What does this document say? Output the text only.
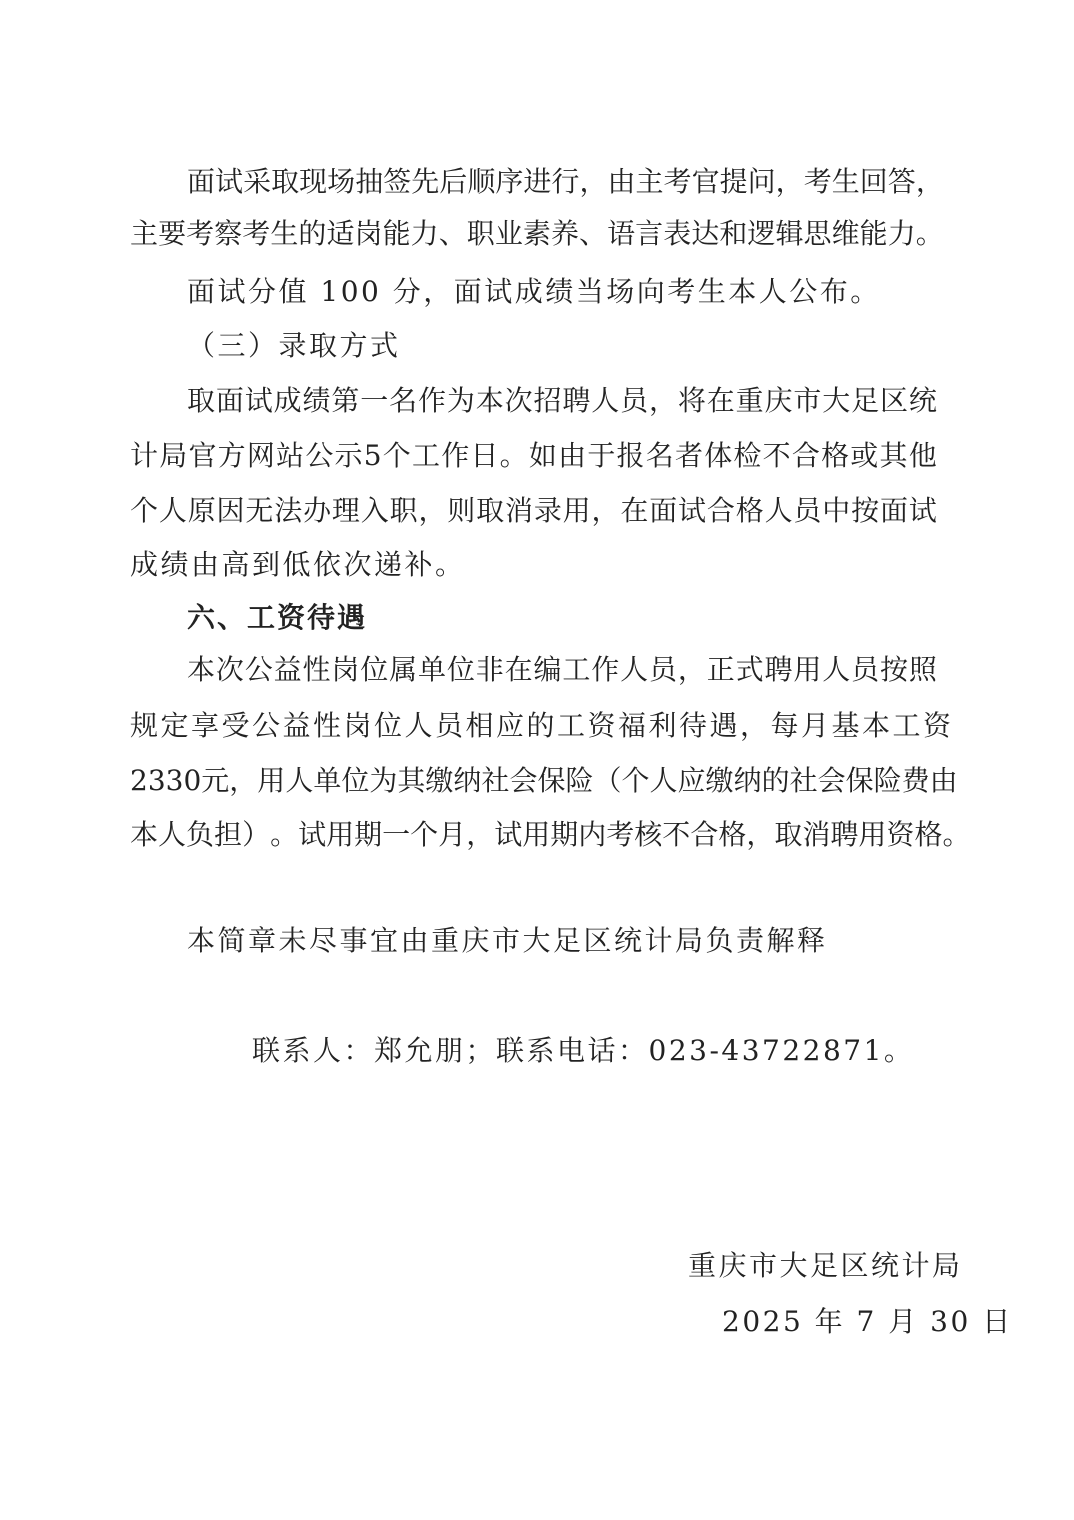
面 试 采 取 现 场 抽 签 先 后 顺 序 进 行 ， 由 主 考 官 提 问 ， 考 生 回 答 ，
主 要 考 察 考 生 的 适 岗 能 力 、 职 业 素 养 、 语 言 表 达 和 逻 辑 思 维 能 力 。
面试分值 100 分，面试成绩当场向考生本人公布。
（三）录取方式
取 面 试 成 绩 第 一 名 作 为 本 次 招 聘 人 员 ， 将 在 重 庆 市 大 足 区 统
计 局 官 方 网 站 公 示 5 个 工 作 日 。 如 由 于 报 名 者 体 检 不 合 格 或 其 他
个 人 原 因 无 法 办 理 入 职 ， 则 取 消 录 用 ， 在 面 试 合 格 人 员 中 按 面 试
成绩由高到低依次递补。
六、工资待遇
本 次 公 益 性 岗 位 属 单 位 非 在 编 工 作 人 员 ， 正 式 聘 用 人 员 按 照
规定享受公益性岗位人员相应的工资福利待遇，每月基本工资
2330 元 ， 用 人 单 位 为 其 缴 纳 社 会 保 险 （ 个 人 应 缴 纳 的 社 会 保 险 费 由
本 人 负 担 ） 。 试 用 期 一 个 月 ， 试 用 期 内 考 核 不 合 格 ， 取 消 聘 用 资 格 。
本简章未尽事宜由重庆市大足区统计局负责解释
联系人：郑允朋；联系电话：023-43722871。
重庆市大足区统计局
2025 年 7 月 30 日
